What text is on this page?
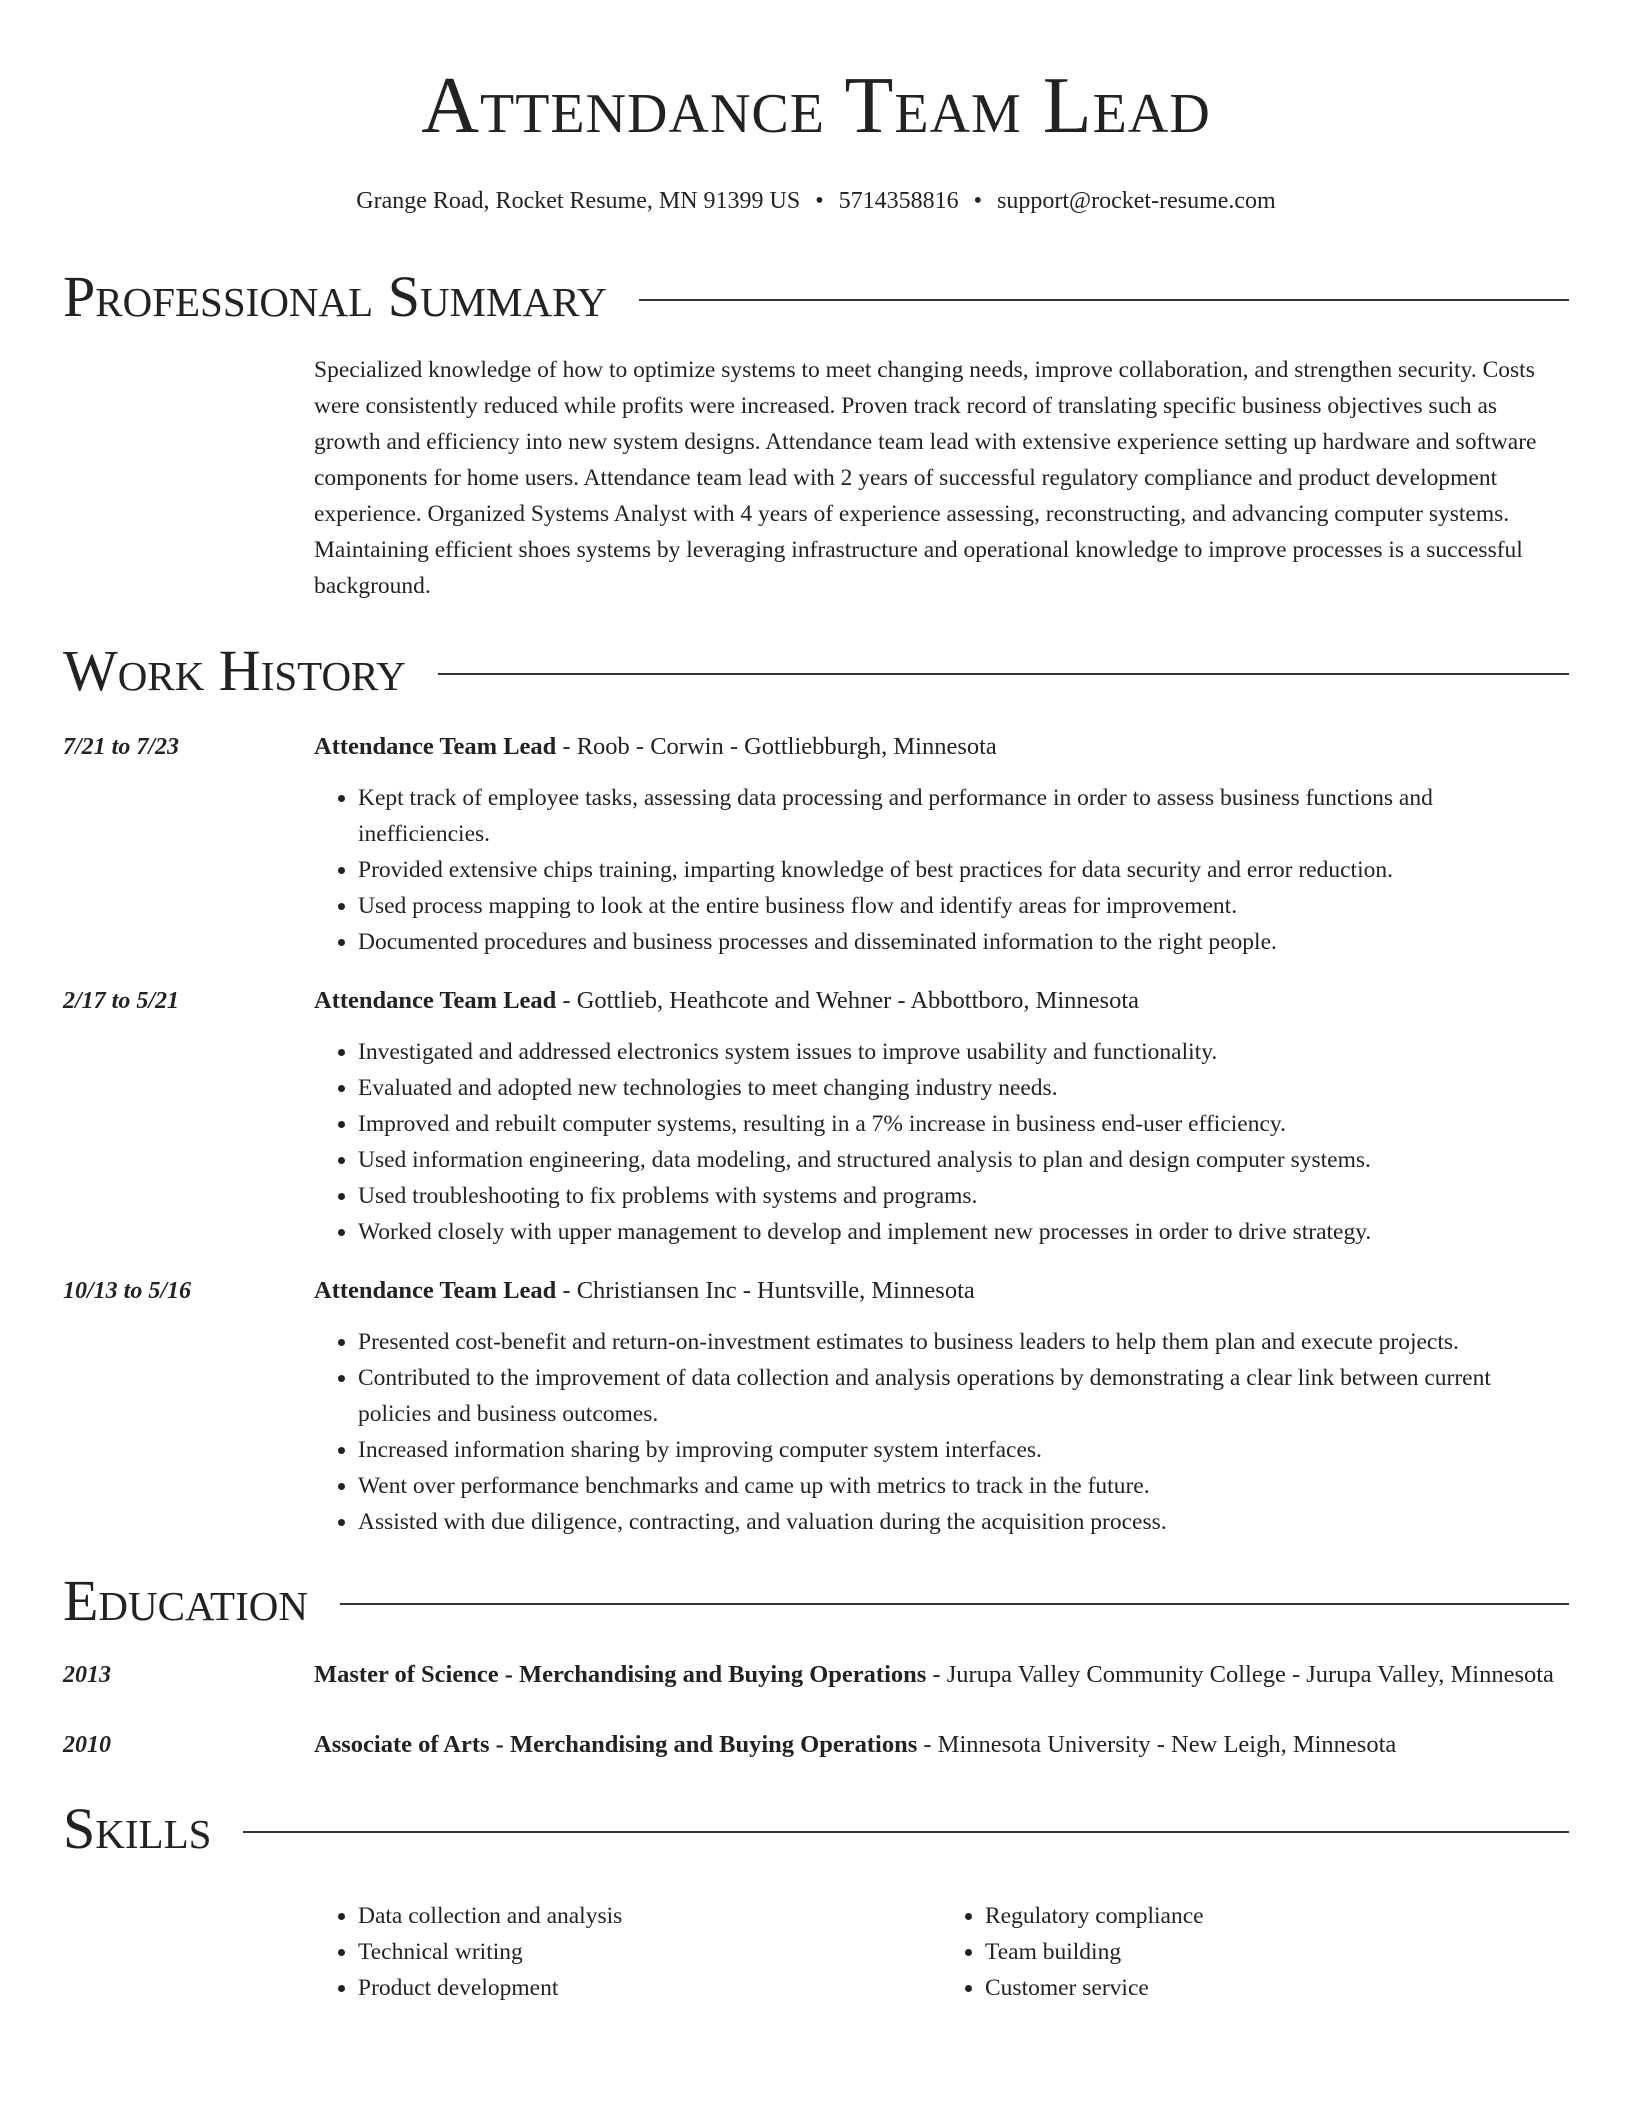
Attendance Team Lead
Grange Road, Rocket Resume, MN 91399 US • 5714358816 • support@rocket-resume.com
Professional Summary
Specialized knowledge of how to optimize systems to meet changing needs, improve collaboration, and strengthen security. Costs were consistently reduced while profits were increased. Proven track record of translating specific business objectives such as growth and efficiency into new system designs. Attendance team lead with extensive experience setting up hardware and software components for home users. Attendance team lead with 2 years of successful regulatory compliance and product development experience. Organized Systems Analyst with 4 years of experience assessing, reconstructing, and advancing computer systems. Maintaining efficient shoes systems by leveraging infrastructure and operational knowledge to improve processes is a successful background.
Work History
7/21 to 7/23	Attendance Team Lead - Roob - Corwin - Gottliebburgh, Minnesota
• Kept track of employee tasks, assessing data processing and performance in order to assess business functions and inefficiencies.
• Provided extensive chips training, imparting knowledge of best practices for data security and error reduction.
• Used process mapping to look at the entire business flow and identify areas for improvement.
• Documented procedures and business processes and disseminated information to the right people.
2/17 to 5/21	Attendance Team Lead - Gottlieb, Heathcote and Wehner - Abbottboro, Minnesota
• Investigated and addressed electronics system issues to improve usability and functionality.
• Evaluated and adopted new technologies to meet changing industry needs.
• Improved and rebuilt computer systems, resulting in a 7% increase in business end-user efficiency.
• Used information engineering, data modeling, and structured analysis to plan and design computer systems.
• Used troubleshooting to fix problems with systems and programs.
• Worked closely with upper management to develop and implement new processes in order to drive strategy.
10/13 to 5/16	Attendance Team Lead - Christiansen Inc - Huntsville, Minnesota
• Presented cost-benefit and return-on-investment estimates to business leaders to help them plan and execute projects.
• Contributed to the improvement of data collection and analysis operations by demonstrating a clear link between current policies and business outcomes.
• Increased information sharing by improving computer system interfaces.
• Went over performance benchmarks and came up with metrics to track in the future.
• Assisted with due diligence, contracting, and valuation during the acquisition process.
Education
2013	Master of Science - Merchandising and Buying Operations - Jurupa Valley Community College - Jurupa Valley, Minnesota
2010	Associate of Arts - Merchandising and Buying Operations - Minnesota University - New Leigh, Minnesota
Skills
• Data collection and analysis
• Technical writing
• Product development
• Regulatory compliance
• Team building
• Customer service
